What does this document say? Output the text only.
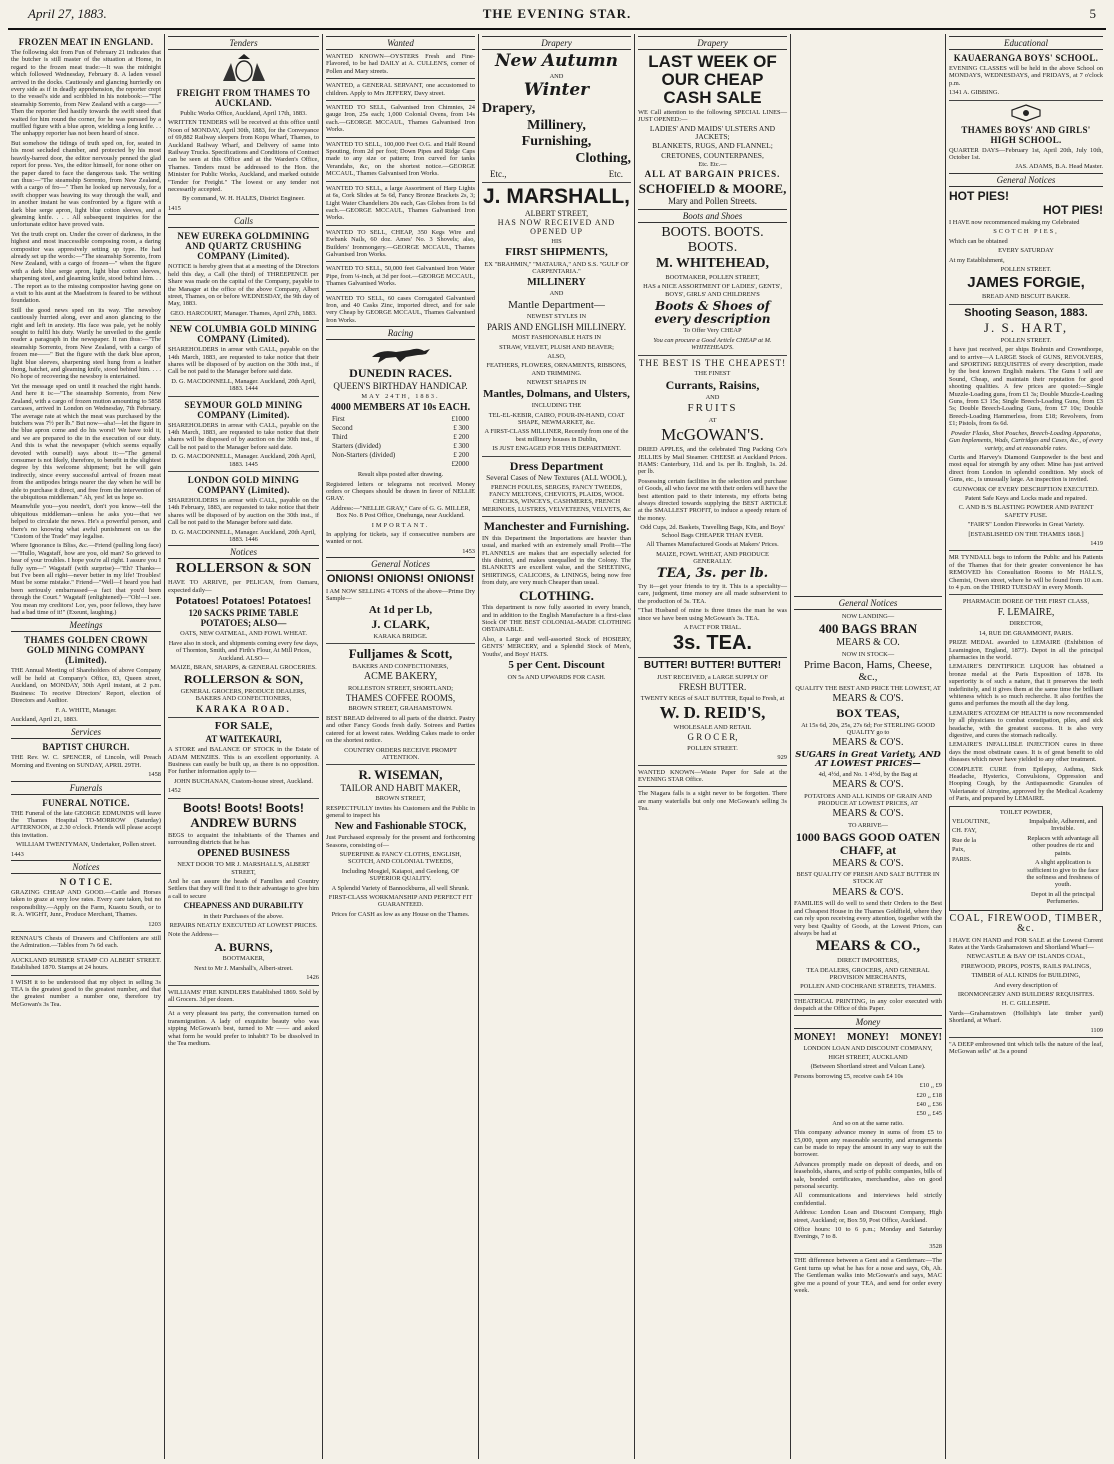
April 27, 1883.	THE EVENING STAR.	5
FROZEN MEAT IN ENGLAND.
The following skit from Fun of February 21 indicates that the butcher is still master of the situation at Home, in regard to the frozen meat trade:—It was the midnight which followed Wednesday, February 8. A laden vessel arrived in the docks. Cautiously and glancing hurriedly on every side as if in deadly apprehension, the reporter crept to the vessel's side and scribbled in his notebook:—"The steamship Sorrento, from New Zealand with a cargo——" Then the reporter fled hastily towards the swift steed that waited for him round the corner, for he was pursued by a muffled figure with a blue apron, wielding a long knife. . . The unhappy reporter has not been heard of since.
But somehow the tidings of truth sped on, for, seated in his most secluded chamber, and protected by his most heavily-barred door, the editor nervously penned the glad report for press. Yes, the editor himself, for none other on the paper dared to face the dangerous task. The writing ran thus:—"The steamship Sorrento, from New Zealand, with a cargo of fro—" Then he looked up nervously, for a swift chopper was heaving its way through the wall, and in another instant he was confronted by a figure with a dark blue serge apron, light blue cotton sleeves, and a gleaming knife. . . . All subsequent inquiries for the unfortunate editor have proved vain.
Yet the truth crept on. Under the cover of darkness, in the highest and most inaccessible composing room, a daring compositor was appresively setting up type. He had already set up the words:—"The steamship Sorrento, from New Zealand, with a cargo of frozen—" when the figure with a dark blue serge apron, light blue cotton sleeves, sharpening steel, and gleaming knife, stood behind him. . . . The report as to the missing compositor having gone on a visit to his aunt at the Maelstrom is feared to be without foundation.
Still the good news sped on its way. The newsboy cautiously hurried along, ever and anon glancing to the right and left in anxiety. His face was pale, yet he nobly sought to fulfil his duty. Warily he unveiled to the gentle reader a paragraph in the newspaper. It ran thus:—"The steamship Sorrento, from New Zealand, with a cargo of frozen me——" But the figure with the dark blue apron, light blue sleeves, sharpening steel hung from a leather thong, hatchet, and gleaming knife, stood behind him. . . . No hope of recovering the newsboy is entertained.
Yet the message sped on until it reached the right hands. And here it is:—"The steamship Sorrento, from New Zealand, with a cargo of frozen mutton amounting to 5858 carcases, arrived in London on Wednesday, 7th February. The average rate at which the meat was purchased by the butchers was 7½ per lb." But now—aha!—let the figure in the blue apron come and do his worst! We have told it, and we are prepared to die in the execution of our duty. And this is what the newspaper (which seems equally devoted with ourself) says about it:—"The general consumer is not likely, therefore, to benefit in the slightest degree by this welcome shipment; but he will gain indirectly, since every successful arrival of frozen meat from the antipodes brings nearer the day when he will be able to purchase it direct, and free from the intervention of the ubiquitous middleman." Ah, yes! let us hope so.
Meanwhile you—you needn't, don't you know—tell the ubiquitous middleman—unless he asks you—that we helped to circulate the news. He's a powerful person, and there's no knowing what awful punishment on us the "Custom of the Trade" may legalise.
Where Ignorance is Bliss, &c.—Friend (pulling long face)—"Hullo, Wagstaff, how are you, old man? So grieved to hear of your troubles. I hope you're all right. I assure you I fully sym—" Wagstaff (with surprise)—"Eh? Thanks—but I've been all right—never better in my life! Troubles! Must be some mistake." Friend—"Well—I heard you had been seriously embarrassed—a fact that you'd been through the Court." Wagstaff (enlightened)—"Oh!—I see. You mean my creditors! Lor, yes, poor fellows, they have had a bad time of it!" (Exeunt, laughing.)
Meetings
THAMES GOLDEN CROWN GOLD MINING COMPANY (Limited).
THE Annual Meeting of Shareholders of above Company will be held at Company's Office, 83, Queen street, Auckland, on MONDAY, 30th April instant, at 2 p.m. Business: To receive Directors' Report, election of Directors and Auditor.
F. A. WHITE, Manager.
Auckland, April 21, 1883.
Services
BAPTIST CHURCH.
THE Rev. W. C. SPENCER, of Lincoln, will Preach Morning and Evening on SUNDAY, APRIL 29TH.
1458
Funerals
FUNERAL NOTICE.
THE Funeral of the late GEORGE EDMUNDS will leave the Thames Hospital TO-MORROW (Saturday) AFTERNOON, at 2.30 o'clock. Friends will please accept this invitation.
WILLIAM TWENTYMAN, Undertaker, Pollen street.
1443
Notices
N O T I C E.
GRAZING CHEAP AND GOOD.—Cattle and Horses taken to graze at very low rates. Every care taken, but no responsibility.—Apply on the Farm, Kuaotu South, or to R. A. WIGHT, Junr., Produce Merchant, Thames.
1203
RENNAU'S Chests of Drawers and Chiffoniers are still the Admiration.—Tables from 7s 6d each.
AUCKLAND RUBBER STAMP CO ALBERT STREET. Established 1870. Stamps at 24 hours.
I WISH it to be understood that my object in selling 3s TEA is the greatest good to the greatest number, and that the greatest number a number one, therefore try McGowan's 3s Tea.
Tenders
FREIGHT FROM THAMES TO AUCKLAND.
Public Works Office, Auckland, April 17th, 1883.
WRITTEN TENDERS will be received at this office until Noon of MONDAY, April 30th, 1883, for the Conveyance of 69,882 Railway sleepers from Kopu Wharf, Thames, to Auckland Railway Wharf, and Delivery of same into Railway Trucks. Specifications and Conditions of Contract can be seen at this Office and at the Warden's Office, Thames. Tenders must be addressed to the Hon. the Minister for Public Works, Auckland, and marked outside "Tender for Freight." The lowest or any tender not necessarily accepted.
By command, W. H. HALES, District Engineer.
1415
Calls
NEW EUREKA GOLDMINING AND QUARTZ CRUSHING COMPANY (Limited).
NOTICE is hereby given that at a meeting of the Directors held this day, a Call (the third) of THREEPENCE per Share was made on the capital of the Company, payable to the Manager at the office of the above Company, Albert street, Thames, on or before WEDNESDAY, the 9th day of May, 1883.
GEO. HARCOURT, Manager. Thames, April 27th, 1883.
NEW COLUMBIA GOLD MINING COMPANY (Limited).
SHAREHOLDERS in arrear with CALL, payable on the 14th March, 1883, are requested to take notice that their shares will be disposed of by auction on the 30th inst., if Call be not paid to the Manager before said date.
D. G. MACDONNELL, Manager. Auckland, 20th April, 1883. 1444
SEYMOUR GOLD MINING COMPANY (Limited).
SHAREHOLDERS in arrear with CALL, payable on the 14th March, 1883, are requested to take notice that their shares will be disposed of by auction on the 30th inst., if Call be not paid to the Manager before said date.
D. G. MACDONNELL, Manager. Auckland, 20th April, 1883. 1445
LONDON GOLD MINING COMPANY (Limited).
SHAREHOLDERS in arrear with CALL, payable on the 14th February, 1883, are requested to take notice that their shares will be disposed of by auction on the 30th inst., if Call be not paid to the Manager before said date.
D. G. MACDONNELL, Manager. Auckland, 20th April, 1883. 1446
Notices
ROLLERSON & SON
HAVE TO ARRIVE, per PELICAN, from Oamaru, expected daily—
Potatoes! Potatoes! Potatoes!
120 SACKS PRIME TABLE POTATOES; ALSO—
OATS, NEW OATMEAL, AND FOWL WHEAT.
Have also in stock, and shipments coming every few days, of Thornton, Smith, and Firth's Flour, At Mill Prices, Auckland. ALSO—
MAIZE, BRAN, SHARPS, & GENERAL GROCERIES.
ROLLERSON & SON,
GENERAL GROCERS, PRODUCE DEALERS, BAKERS AND CONFECTIONERS,
KARAKA ROAD.
FOR SALE,
AT WAITEKAURI,
A STORE and BALANCE OF STOCK in the Estate of ADAM MENZIES. This is an excellent opportunity. A Business can easily be built up, as there is no opposition. For further information apply to—
JOHN BUCHANAN, Custom-house street, Auckland.
1452
Boots! Boots! Boots!
ANDREW BURNS
BEGS to acquaint the inhabitants of the Thames and surrounding districts that he has
OPENED BUSINESS
NEXT DOOR TO MR J. MARSHALL'S, ALBERT STREET,
And he can assure the heads of Families and Country Settlers that they will find it to their advantage to give him a call to secure
CHEAPNESS AND DURABILITY
in their Purchases of the above.
REPAIRS NEATLY EXECUTED AT LOWEST PRICES.
Note the Address—
A. BURNS,
BOOTMAKER,
Next to Mr J. Marshall's, Albert-street.
1426
WILLIAMS' FIRE KINDLERS Established 1869. Sold by all Grocers. 3d per dozen.
At a very pleasant tea party, the conversation turned on transmigration. A lady of exquisite beauty who was sipping McGowan's best, turned to Mr —— and asked what form he would prefer to inhabit? To be dissolved in the Tea medium.
Wanted
WANTED KNOWN—OYSTERS Fresh and Fine-Flavored, to be had DAILY at A. CULLEN'S, corner of Pollen and Mary streets.
WANTED, a GENERAL SERVANT, one accustomed to children. Apply to Mrs JEFFERY, Davy street.
WANTED TO SELL, Galvanised Iron Chimnies, 24 gauge Iron, 25s each; 1,000 Colonial Ovens, from 14s each.—GEORGE MCCAUL, Thames Galvanised Iron Works.
WANTED TO SELL, 100,000 Feet O.G. and Half Round Spouting, from 2d per foot; Down Pipes and Ridge Caps made to any size or pattern; Iron curved for tanks Verandahs, &c, on the shortest notice.—GEORGE MCCAUL, Thames Galvanised Iron Works.
WANTED TO SELL, a large Assortment of Harp Lights at 6s, Cork Slides at 5s 6d, Fancy Bronze Brackets 2s, 3; Light Water Chandeliers 20s each, Gas Globes from 1s 6d each.—GEORGE MCCAUL, Thames Galvanised Iron Works.
WANTED TO SELL, CHEAP, 350 Kegs Wire and Ewbank Nails, 60 doz. Ames' No. 3 Shovels; also, Builders' Ironmongery.—GEORGE MCCAUL, Thames Galvanised Iron Works.
WANTED TO SELL, 50,000 feet Galvanised Iron Water Pipe, from ¼-inch, at 3d per foot.—GEORGE MCCAUL, Thames Galvanised Works.
WANTED TO SELL, 60 cases Corrugated Galvanised Iron, and 40 Casks Zinc, imported direct, and for sale very Cheap by GEORGE MCCAUL, Thames Galvanised Iron Works.
Racing
DUNEDIN RACES.
QUEEN'S BIRTHDAY HANDICAP.
MAY 24TH, 1883.
4000 MEMBERS AT 10s EACH.
First	£1000
Second	£ 300
Third	£ 200
Starters (divided)	£ 300
Non-Starters (divided)	£ 200
£2000
Result slips posted after drawing.
Registered letters or telegrams not received. Money orders or Cheques should be drawn in favor of NELLIE GRAY.
Address:—"NELLIE GRAY," Care of G. G. MILLER, Box No. 8 Post Office, Onehunga, near Auckland.
IMPORTANT.
In applying for tickets, say if consecutive numbers are wanted or not.
1453
General Notices
ONIONS! ONIONS! ONIONS!
I AM NOW SELLING 4 TONS of the above—Prime Dry Sample—
At 1d per Lb,
J. CLARK,
KARAKA BRIDGE.
Fulljames & Scott,
BAKERS AND CONFECTIONERS,
ACME BAKERY,
ROLLESTON STREET, SHORTLAND;
THAMES COFFEE ROOMS,
BROWN STREET, GRAHAMSTOWN.
BEST BREAD delivered to all parts of the district. Pastry and other Fancy Goods fresh daily. Soirees and Parties catered for at lowest rates. Wedding Cakes made to order on the shortest notice.
COUNTRY ORDERS RECEIVE PROMPT ATTENTION.
R. WISEMAN,
TAILOR AND HABIT MAKER,
BROWN STREET,
RESPECTFULLY invites his Customers and the Public in general to inspect his
New and Fashionable STOCK,
Just Purchased expressly for the present and forthcoming Seasons, consisting of—
SUPERFINE & FANCY CLOTHS, ENGLISH, SCOTCH, AND COLONIAL TWEEDS,
Including Mosgiel, Kaiapoi, and Geelong, OF SUPERIOR QUALITY.
A Splendid Variety of Bannockburns, all well Shrunk.
FIRST-CLASS WORKMANSHIP AND PERFECT FIT GUARANTEED.
Prices for CASH as low as any House on the Thames.
Drapery
New Autumn
AND
Winter
Drapery,
Millinery,
Furnishing,
Clothing,
Etc.,	Etc.
J. MARSHALL,
ALBERT STREET,
HAS NOW RECEIVED AND OPENED UP
HIS
FIRST SHIPMENTS,
EX "BRAHMIN," "MATAURA," AND S.S. "GULF OF CARPENTARIA."
MILLINERY
AND
Mantle Department—
NEWEST STYLES IN
PARIS AND ENGLISH MILLINERY.
MOST FASHIONABLE HATS IN
STRAW, VELVET, PLUSH AND BEAVER;
ALSO,
FEATHERS, FLOWERS, ORNAMENTS, RIBBONS, AND TRIMMING.
NEWEST SHAPES IN
Mantles, Dolmans, and Ulsters,
INCLUDING THE
TEL-EL-KEBIR, CAIRO, FOUR-IN-HAND, COAT SHAPE, NEWMARKET, &c.
A FIRST-CLASS MILLINER, Recently from one of the best millinery houses in Dublin,
IS JUST ENGAGED FOR THIS DEPARTMENT.
Dress Department
Several Cases of New Textures (ALL WOOL),
FRENCH FOULES, SERGES, FANCY TWEEDS, FANCY MELTONS, CHEVIOTS, PLAIDS, WOOL CHECKS, WINCEYS, CASHMERES, FRENCH MERINOES, LUSTRES, VELVETEENS, VELVETS, &c
Manchester and Furnishing.
IN this Department the Importations are heavier than usual, and marked with an extremely small Profit—The FLANNELS are makes that are especially selected for this district, and makes unequalled in the Colony. The BLANKETS are excellent value, and the SHEETING, SHIRTINGS, CALICOES, & LININGS, being now free from duty, are very much Cheaper than usual.
CLOTHING.
This department is now fully assorted in every branch, and in addition to the English Manufacture is a first-class Stock OF THE BEST COLONIAL-MADE CLOTHING OBTAINABLE.
Also, a Large and well-assorted Stock of HOSIERY, GENTS' MERCERY, and a Splendid Stock of Men's, Youths', and Boys' HATS.
5 per Cent. Discount
ON 5s AND UPWARDS FOR CASH.
Drapery
LAST WEEK OF OUR CHEAP CASH SALE
WE Call attention to the following SPECIAL LINES—JUST OPENED:—
LADIES' AND MAIDS' ULSTERS AND JACKETS;
BLANKETS, RUGS, AND FLANNEL;
CRETONES, COUNTERPANES,
Etc. Etc.—
ALL AT BARGAIN PRICES.
SCHOFIELD & MOORE,
Mary and Pollen Streets.
Boots and Shoes
BOOTS. BOOTS. BOOTS.
M. WHITEHEAD,
BOOTMAKER, POLLEN STREET,
HAS a NICE ASSORTMENT OF LADIES', GENTS', BOYS', GIRLS' AND CHILDREN'S
Boots & Shoes of every description
To Offer Very CHEAP
You can procure a Good Article CHEAP at M. WHITEHEAD'S.
THE BEST IS THE CHEAPEST!
THE FINEST
Currants, Raisins,
AND
FRUITS
AT
McGOWAN'S.
DRIED APPLES, and the celebrated Ting Packing Co's JELLIES by Mail Steamer. CHEESE at Auckland Prices. HAMS: Canterbury, 11d. and 1s. per lb. English, 1s. 2d. per lb.
Possessing certain facilities in the selection and purchase of Goods, all who favor me with their orders will have the best attention paid to their interests, my efforts being always directed towards supplying the BEST ARTICLE at the SMALLEST PROFIT, to induce a speedy return of the money.
Odd Cups, 2d. Baskets, Travelling Bags, Kits, and Boys' School Bags CHEAPER THAN EVER.
All Thames Manufactured Goods at Makers' Prices.
MAIZE, FOWL WHEAT, AND PRODUCE GENERALLY.
TEA, 3s. per lb.
Try it—get your friends to try it. This is a speciality—care, judgment, time money are all made subservient to the production of 3s. TEA.
"That Husband of mine is three times the man he was since we have been using McGowan's 3s. TEA.
A FACT FOR TRIAL.
3s. TEA.
BUTTER! BUTTER! BUTTER!
JUST RECEIVED, a LARGE SUPPLY OF
FRESH BUTTER.
TWENTY KEGS of SALT BUTTER, Equal to Fresh, at
W. D. REID'S,
WHOLESALE AND RETAIL
G R O C E R,
POLLEN STREET.
929
WANTED KNOWN—Waste Paper for Sale at the EVENING STAR Office.
The Niagara falls is a sight never to be forgotten. There are many waterfalls but only one McGowan's selling 3s Tea.
General Notices
NOW LANDING—
400 BAGS BRAN
MEARS & CO.
NOW IN STOCK—
Prime Bacon, Hams, Cheese, &c.,
QUALITY THE BEST AND PRICE THE LOWEST, AT
MEARS & CO'S.
BOX TEAS,
At 15s 6d, 20s, 25s, 27s 6d; For STERLING GOOD QUALITY go to
MEARS & CO'S.
SUGARS in Great Variety, AND AT LOWEST PRICES—
4d, 4½d, and No. 1 4½d, by the Bag at
MEARS & CO'S.
POTATOES AND ALL KINDS OF GRAIN AND PRODUCE AT LOWEST PRICES, AT
MEARS & CO'S.
TO ARRIVE—
1000 BAGS GOOD OATEN CHAFF, at
MEARS & CO'S.
BEST QUALITY OF FRESH AND SALT BUTTER IN STOCK AT
MEARS & CO'S.
FAMILIES will do well to send their Orders to the Best and Cheapest House in the Thames Goldfield, where they can rely upon receiving every attention, together with the very best Quality of Goods, at the Lowest Prices, can always be had at
MEARS & CO.,
DIRECT IMPORTERS,
TEA DEALERS, GROCERS, AND GENERAL PROVISION MERCHANTS,
POLLEN AND COCHRANE STREETS, THAMES.
THEATRICAL PRINTING, in any color executed with despatch at the Office of this Paper.
Money
MONEY! MONEY! MONEY!
LONDON LOAN AND DISCOUNT COMPANY,
HIGH STREET, AUCKLAND
(Between Shortland street and Vulcan Lane).
Persons borrowing £5, receive cash £4 10s
£10 ,, £9
£20 ,, £18
£40 ,, £36
£50 ,, £45
And so on at the same ratio.
This company advance money in sums of from £5 to £5,000, upon any reasonable security, and arrangements can be made to repay the amount in any way to suit the borrower.
Advances promptly made on deposit of deeds, and on leaseholds, shares, and scrip of public companies, bills of sale, bonded certificates, merchandise, also on good personal security.
All communications and interviews held strictly confidential.
Address: London Loan and Discount Company, High street, Auckland; or, Box 59, Post Office, Auckland.
Office hours: 10 to 6 p.m.; Monday and Saturday Evenings, 7 to 8.
3528
THE difference between a Gent and a Gentleman:—The Gent turns up what he has for a nose and says, Oh, Ah. The Gentleman walks into McGowan's and says, MAC give me a pound of your TEA, and send for order every week.
Educational
KAUAERANGA BOYS' SCHOOL.
EVENING CLASSES will be held in the above School on MONDAYS, WEDNESDAYS, and FRIDAYS, at 7 o'clock p.m.
1341 A. GIBBING.
THAMES BOYS' AND GIRLS' HIGH SCHOOL.
QUARTER DAYS—February 1st, April 20th, July 10th, October 1st.
JAS. ADAMS, B.A. Head Master.
General Notices
HOT PIES!
HOT PIES!
I HAVE now recommenced making my Celebrated
SCOTCH PIES,
Which can be obtained
EVERY SATURDAY
At my Establishment,
POLLEN STREET.
JAMES FORGIE,
BREAD AND BISCUIT BAKER.
Shooting Season, 1883.
J. S. HART,
POLLEN STREET.
I have just received, per ships Brahmin and Crownthorpe, and to arrive—A LARGE Stock of GUNS, REVOLVERS, and SPORTING REQUISITES of every description, made by the best known English makers. The Guns I sell are Sound, Cheap, and maintain their reputation for good shooting qualities. A few prices are quoted:—Single Muzzle-Loading guns, from £1 3s; Double Muzzle-Loading Guns, from £3 15s; Single Breech-Loading Guns, from £3 5s; Double Breech-Loading Guns, from £7 10s; Double Breech-Loading Hammerless, from £18; Revolvers, from £1; Pistols, from 6s 6d.
Powder Flasks, Shot Pouches, Breech-Loading Apparatus, Gun Implements, Wads, Cartridges and Cases, &c., of every variety, and at reasonable rates.
Curtis and Harvey's Diamond Gunpowder is the best and most equal for strength by any other. Mine has just arrived direct from London in splendid condition. My stock of Guns, etc., is unusually large. An inspection is invited.
GUNWORK OF EVERY DESCRIPTION EXECUTED.
Patent Safe Keys and Locks made and repaired.
C. AND B.'S BLASTING POWDER AND PATENT SAFETY FUSE.
"FAIR'S" London Fireworks in Great Variety.
[ESTABLISHED ON THE THAMES 1868.]
1419
MR TYNDALL begs to inform the Public and his Patients of the Thames that for their greater convenience he has REMOVED his Consultation Rooms to Mr HALL'S, Chemist, Owen street, where he will be found from 10 a.m. to 4 p.m. on the THIRD TUESDAY in every Month.
PHARMACIE DOREE OF THE FIRST CLASS,
F. LEMAIRE,
DIRECTOR,
14, RUE DE GRAMMONT, PARIS.
PRIZE MEDAL awarded to LEMAIRE (Exhibition of Leamington, England, 1877). Depot in all the principal pharmacies in the world.
LEMAIRE'S DENTIFRICE LIQUOR has obtained a bronze medal at the Paris Exposition of 1878. Its superiority is of such a nature, that it preserves the teeth indefinitely, and it gives them at the same time the brilliant whiteness which is so much recherche. It also fortifies the gums and perfumes the mouth all the day long.
LEMAIRE'S ATOZEM OF HEALTH is now recommended by all physicians to combat constipation, piles, and sick headache, with the greatest success. It is also very digestive, and cures the stomach radically.
LEMAIRE'S INFALLIBLE INJECTION cures in three days the most obstinate cases. It is of great benefit to old diseases which never have yielded to any other treatment.
COMPLETE CURE from Epilepsy, Asthma, Sick Headache, Hysterics, Convulsions, Oppression and Hooping Cough, by the Antispasmodic Granules of Valerianate of Atropine, approved by the Medical Academy of Paris, and prepared by LEMAIRE.
TOILET POWDER,
VELOUTINE,
CH. FAY,
Rue de la
Paix,
PARIS.
Impalpable, Adherent, and Invisible.
Replaces with advantage all other poudres de riz and paints.
A slight application is sufficient to give to the face the softness and freshness of youth.
Depot in all the principal Perfumeries.
COAL, FIREWOOD, TIMBER, &c.
I HAVE ON HAND and FOR SALE at the Lowest Current Rates at the Yards Grahamstown and Shortland Wharf—
NEWCASTLE & BAY OF ISLANDS COAL,
FIREWOOD, PROPS, POSTS, RAILS PALINGS,
TIMBER of ALL KINDS for BUILDING,
And every description of
IRONMONGERY AND BUILDERS' REQUISITES.
H. C. GILLESPIE.
Yards—Grahamstown (Hollship's late timber yard) Shortland, at Wharf.
1109
"A DEEP embrowned tint which tells the nature of the leaf, McGowan sells" at 3s a pound
